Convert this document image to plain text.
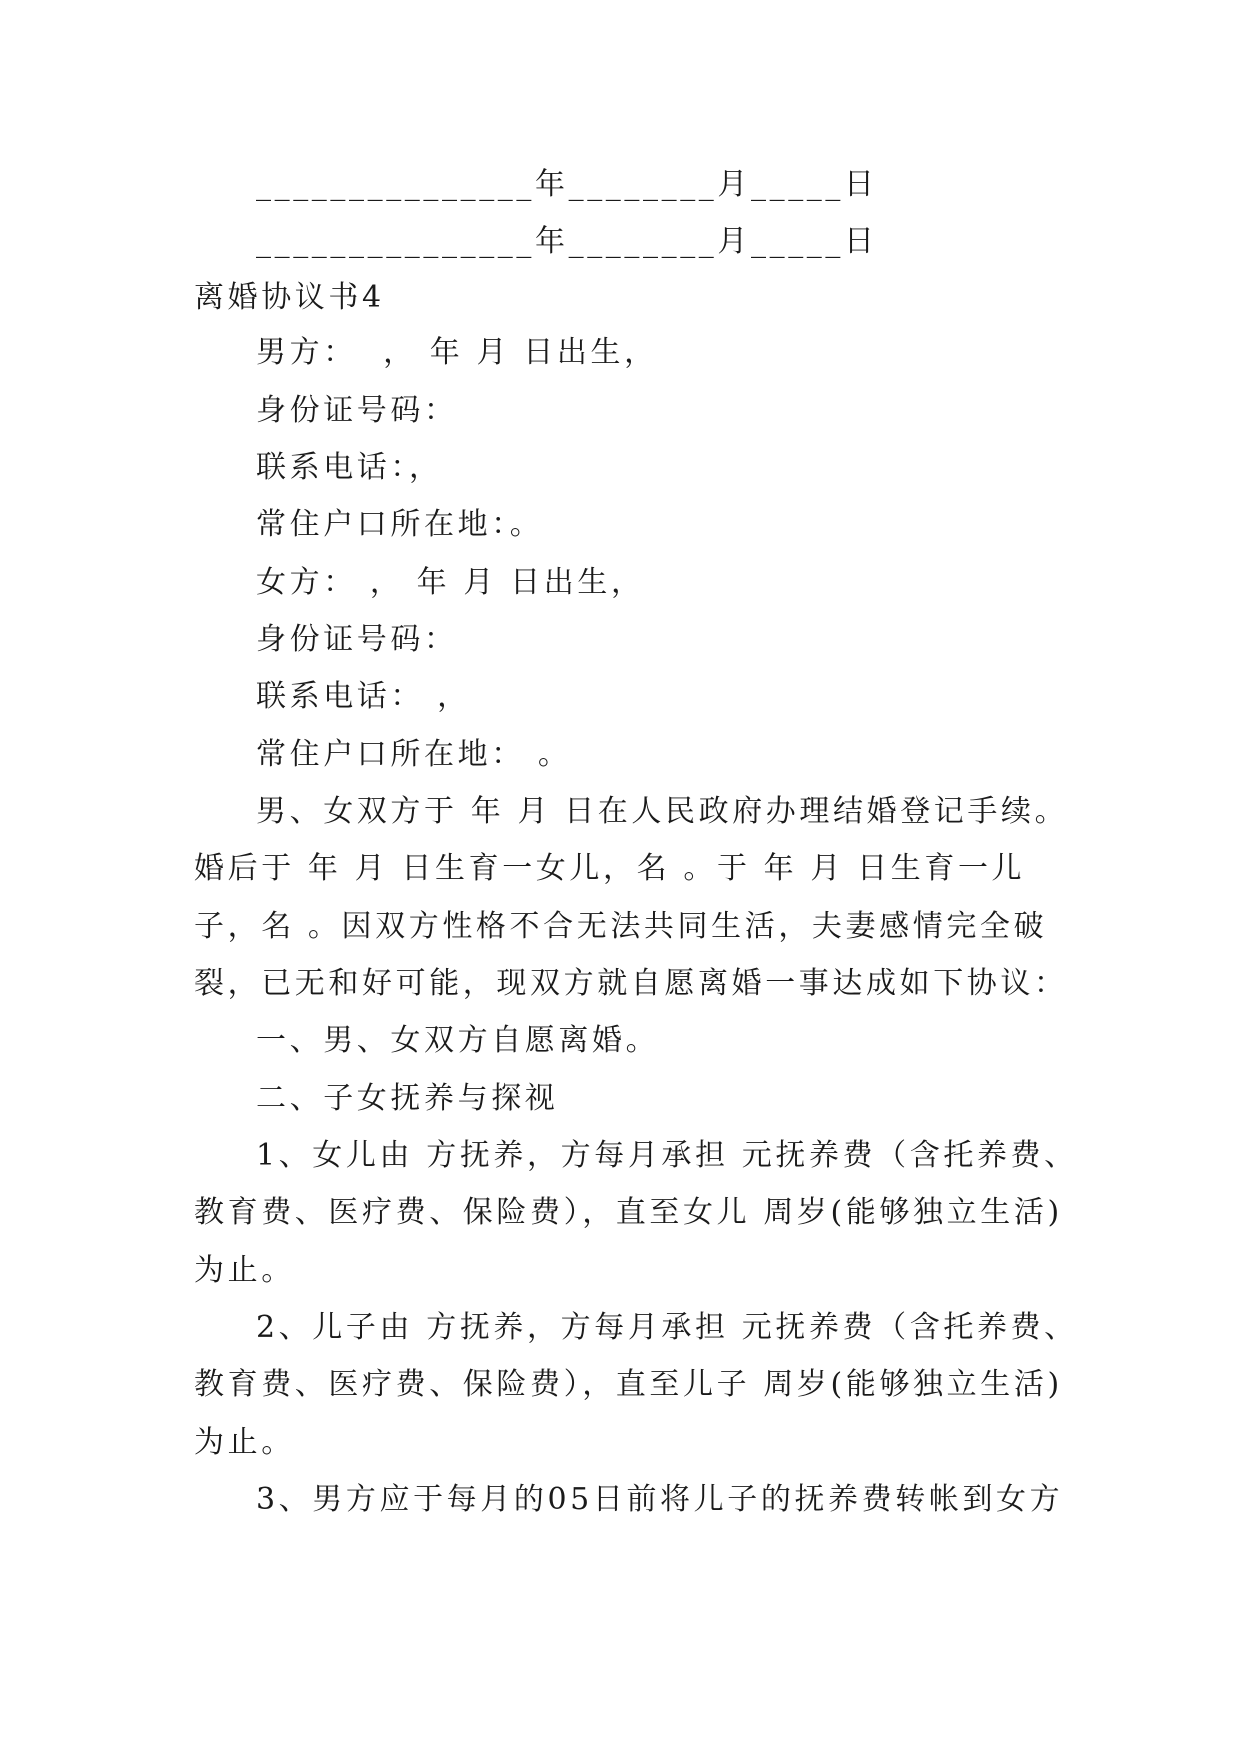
_______________年________月_____日
_______________年________月_____日
离婚协议书4
男方：  ， 年 月 日出生，
身份证号码：
联系电话：，
常住户口所在地：。
女方： ， 年 月 日出生，
身份证号码：
联系电话： ，
常住户口所在地： 。
男、女双方于 年 月 日在人民政府办理结婚登记手续。
婚后于 年 月 日生育一女儿，名 。于 年 月 日生育一儿
子，名 。因双方性格不合无法共同生活，夫妻感情完全破
裂，已无和好可能，现双方就自愿离婚一事达成如下协议：
一、男、女双方自愿离婚。
二、子女抚养与探视
1、女儿由 方抚养，方每月承担 元抚养费（含托养费、
教育费、医疗费、保险费），直至女儿 周岁(能够独立生活)
为止。
2、儿子由 方抚养，方每月承担 元抚养费（含托养费、
教育费、医疗费、保险费），直至儿子 周岁(能够独立生活)
为止。
3、男方应于每月的05日前将儿子的抚养费转帐到女方
